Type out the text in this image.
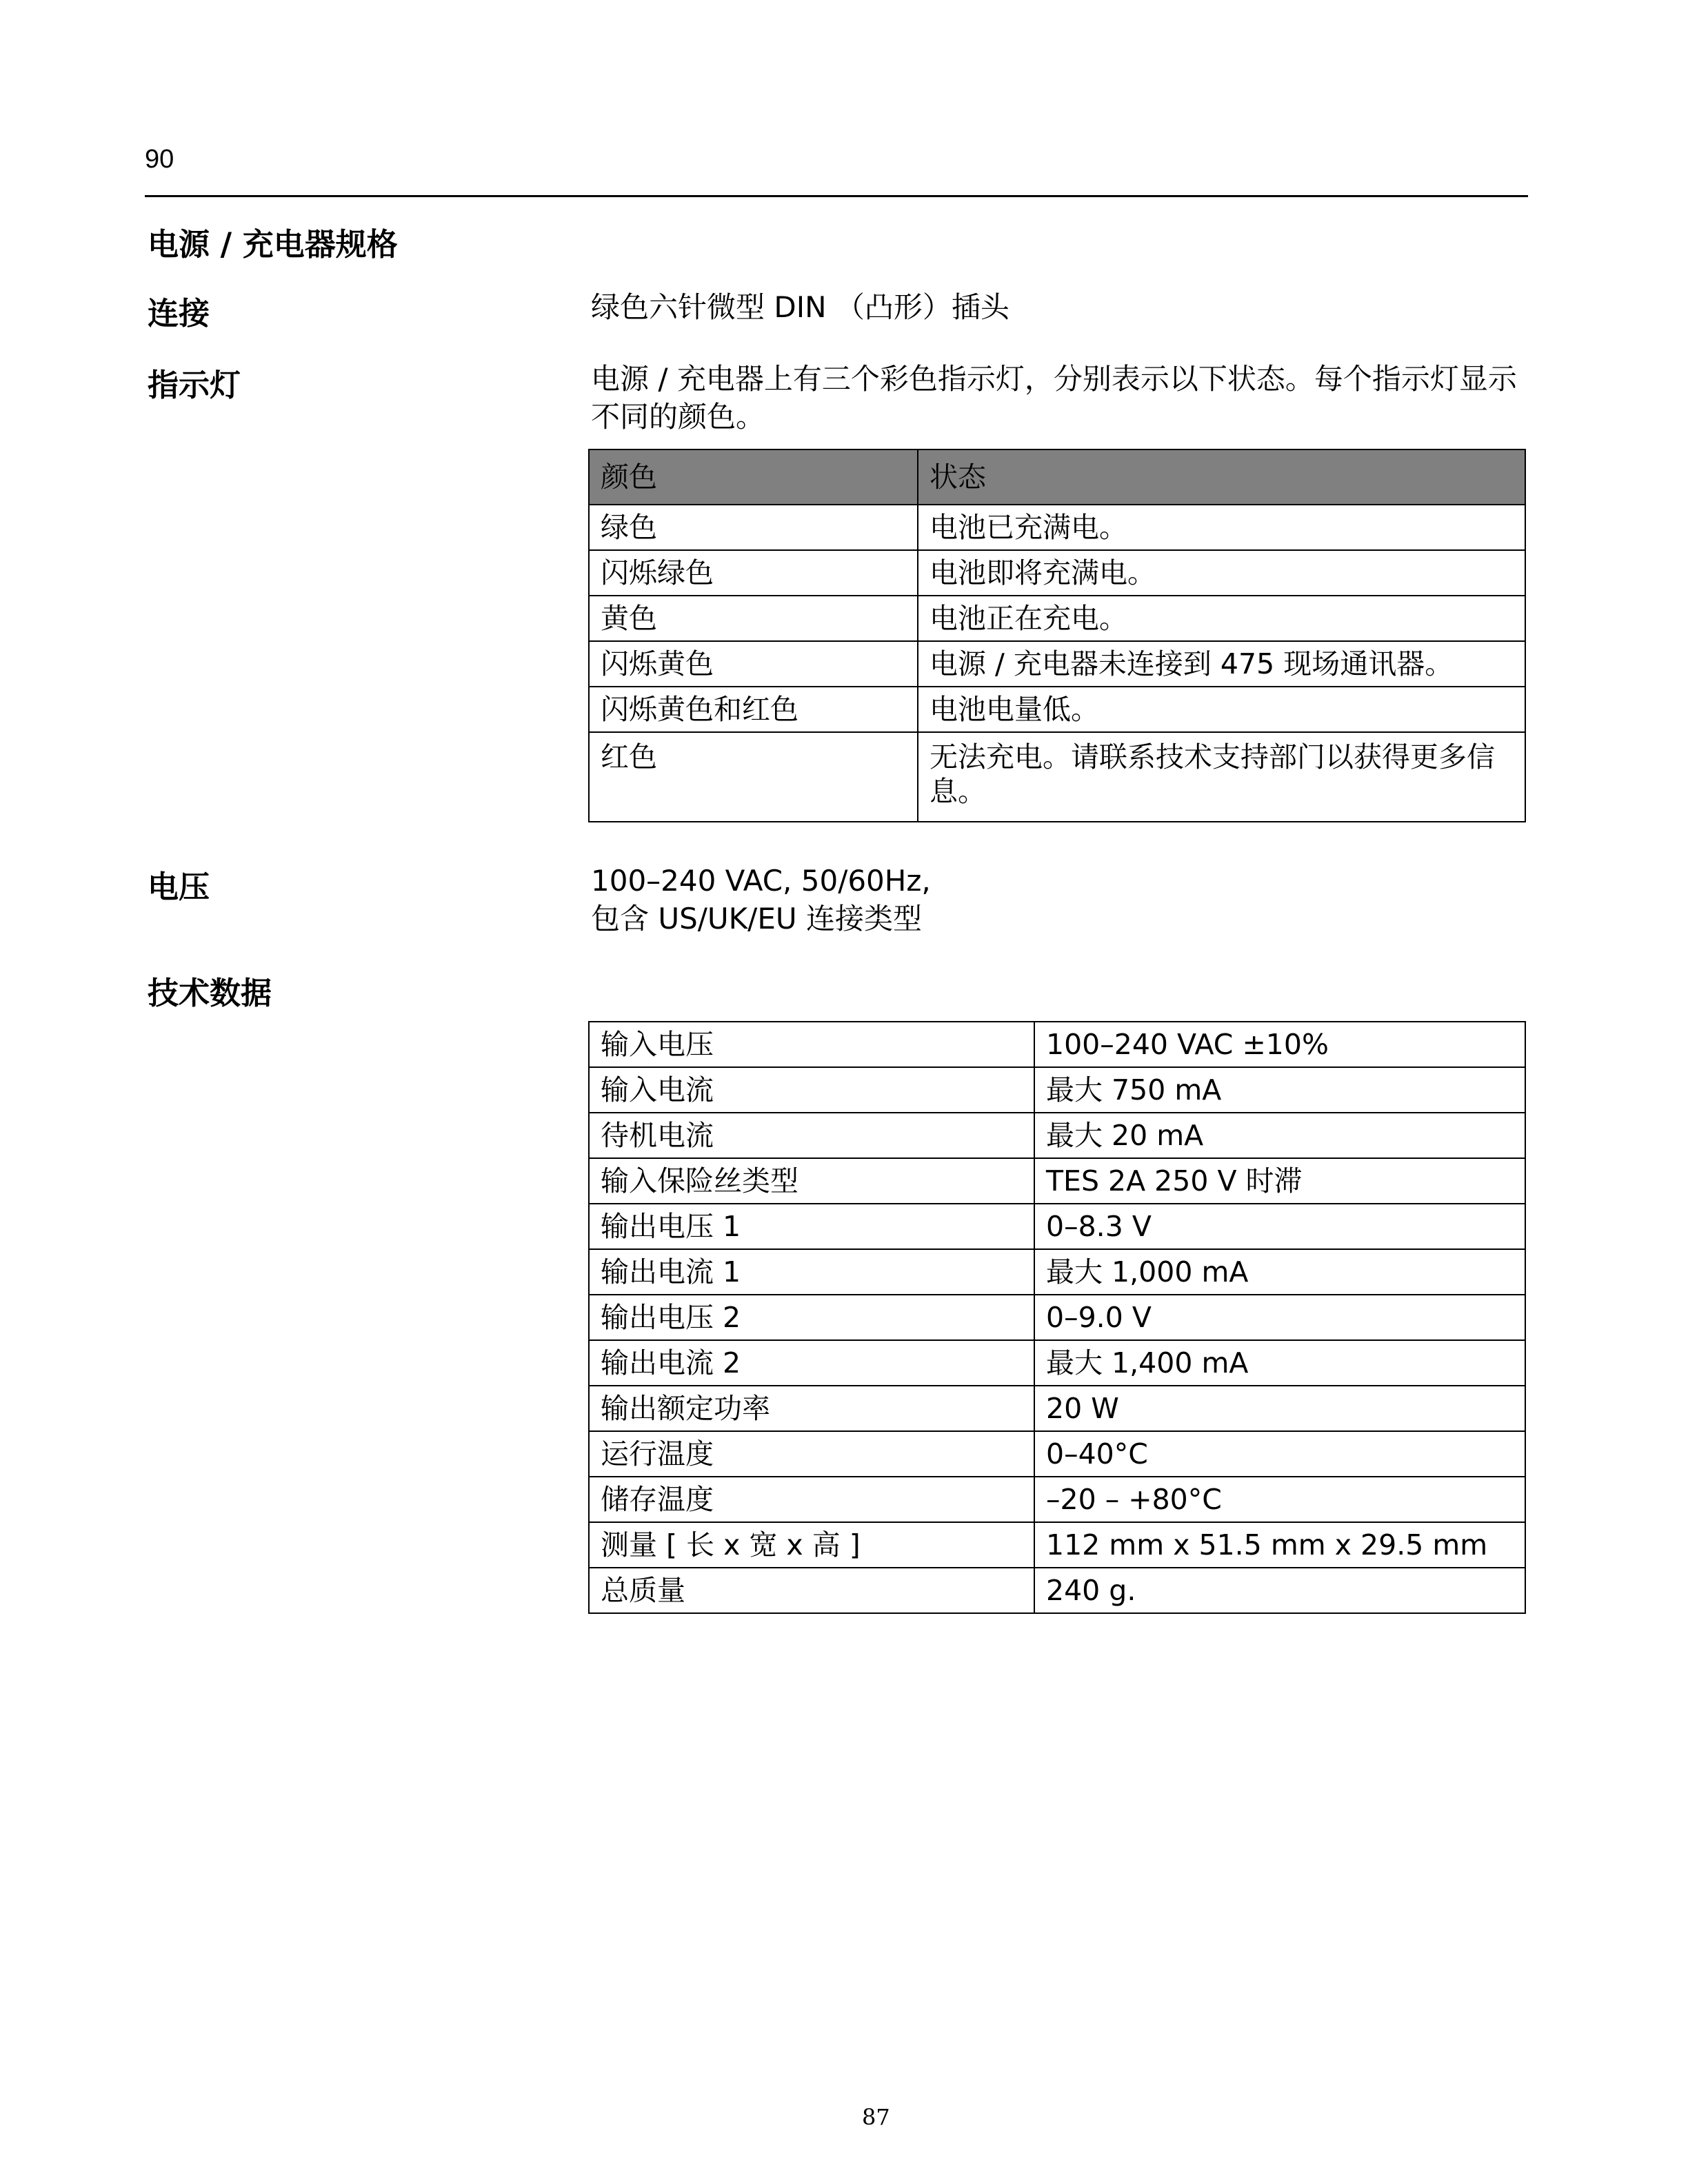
90
电源 / 充电器规格
连接	绿色六针微型 DIN （凸形）插头
指示灯	电源 / 充电器上有三个彩色指示灯，分别表示以下状态。每个指示灯显示不同的颜色。
颜色	状态
绿色	电池已充满电。
闪烁绿色	电池即将充满电。
黄色	电池正在充电。
闪烁黄色	电源 / 充电器未连接到 475 现场通讯器。
闪烁黄色和红色	电池电量低。
红色	无法充电。请联系技术支持部门以获得更多信息。
电压	100–240 VAC, 50/60Hz,
包含 US/UK/EU 连接类型
技术数据
输入电压	100–240 VAC ±10%
输入电流	最大 750 mA
待机电流	最大 20 mA
输入保险丝类型	TES 2A 250 V 时滞
输出电压 1	0–8.3 V
输出电流 1	最大 1,000 mA
输出电压 2	0–9.0 V
输出电流 2	最大 1,400 mA
输出额定功率	20 W
运行温度	0–40°C
储存温度	–20 – +80°C
测量 [ 长 x 宽 x 高 ]	112 mm x 51.5 mm x 29.5 mm
总质量	240 g.
87
